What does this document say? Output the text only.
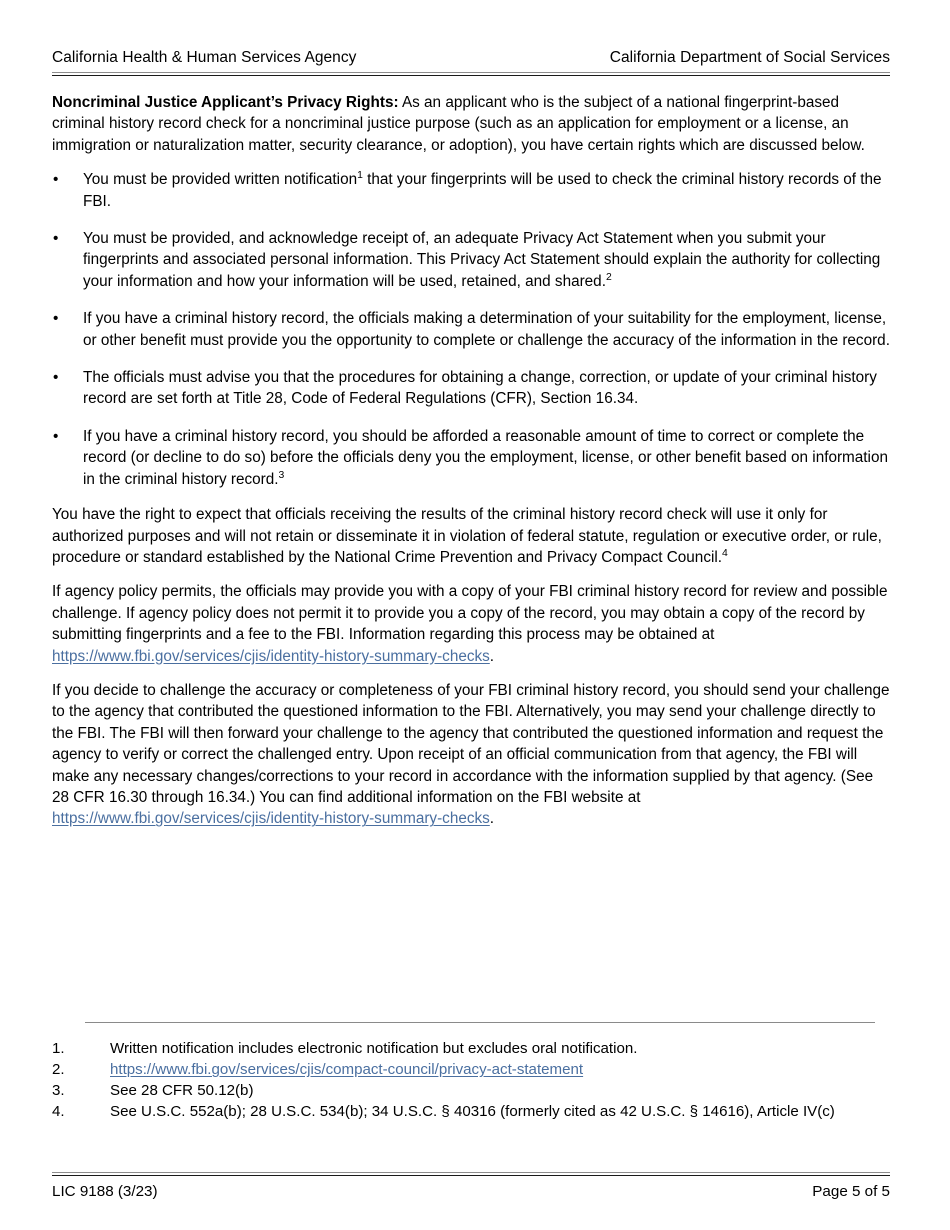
California Health & Human Services Agency	California Department of Social Services

Noncriminal Justice Applicant’s Privacy Rights: As an applicant who is the subject of a national fingerprint-based criminal history record check for a noncriminal justice purpose (such as an application for employment or a license, an immigration or naturalization matter, security clearance, or adoption), you have certain rights which are discussed below.

• You must be provided written notification$^1$ that your fingerprints will be used to check the criminal history records of the FBI.
• You must be provided, and acknowledge receipt of, an adequate Privacy Act Statement when you submit your fingerprints and associated personal information. This Privacy Act Statement should explain the authority for collecting your information and how your information will be used, retained, and shared.$^2$
• If you have a criminal history record, the officials making a determination of your suitability for the employment, license, or other benefit must provide you the opportunity to complete or challenge the accuracy of the information in the record.
• The officials must advise you that the procedures for obtaining a change, correction, or update of your criminal history record are set forth at Title 28, Code of Federal Regulations (CFR), Section 16.34.
• If you have a criminal history record, you should be afforded a reasonable amount of time to correct or complete the record (or decline to do so) before the officials deny you the employment, license, or other benefit based on information in the criminal history record.$^3$

You have the right to expect that officials receiving the results of the criminal history record check will use it only for authorized purposes and will not retain or disseminate it in violation of federal statute, regulation or executive order, or rule, procedure or standard established by the National Crime Prevention and Privacy Compact Council.$^4$

If agency policy permits, the officials may provide you with a copy of your FBI criminal history record for review and possible challenge. If agency policy does not permit it to provide you a copy of the record, you may obtain a copy of the record by submitting fingerprints and a fee to the FBI. Information regarding this process may be obtained at https://www.fbi.gov/services/cjis/identity-history-summary-checks.

If you decide to challenge the accuracy or completeness of your FBI criminal history record, you should send your challenge to the agency that contributed the questioned information to the FBI. Alternatively, you may send your challenge directly to the FBI. The FBI will then forward your challenge to the agency that contributed the questioned information and request the agency to verify or correct the challenged entry. Upon receipt of an official communication from that agency, the FBI will make any necessary changes/corrections to your record in accordance with the information supplied by that agency. (See 28 CFR 16.30 through 16.34.) You can find additional information on the FBI website at https://www.fbi.gov/services/cjis/identity-history-summary-checks.

1.	Written notification includes electronic notification but excludes oral notification.
2.	https://www.fbi.gov/services/cjis/compact-council/privacy-act-statement
3.	See 28 CFR 50.12(b)
4.	See U.S.C. 552a(b); 28 U.S.C. 534(b); 34 U.S.C. § 40316 (formerly cited as 42 U.S.C. § 14616), Article IV(c)
LIC 9188 (3/23)	Page 5 of 5
